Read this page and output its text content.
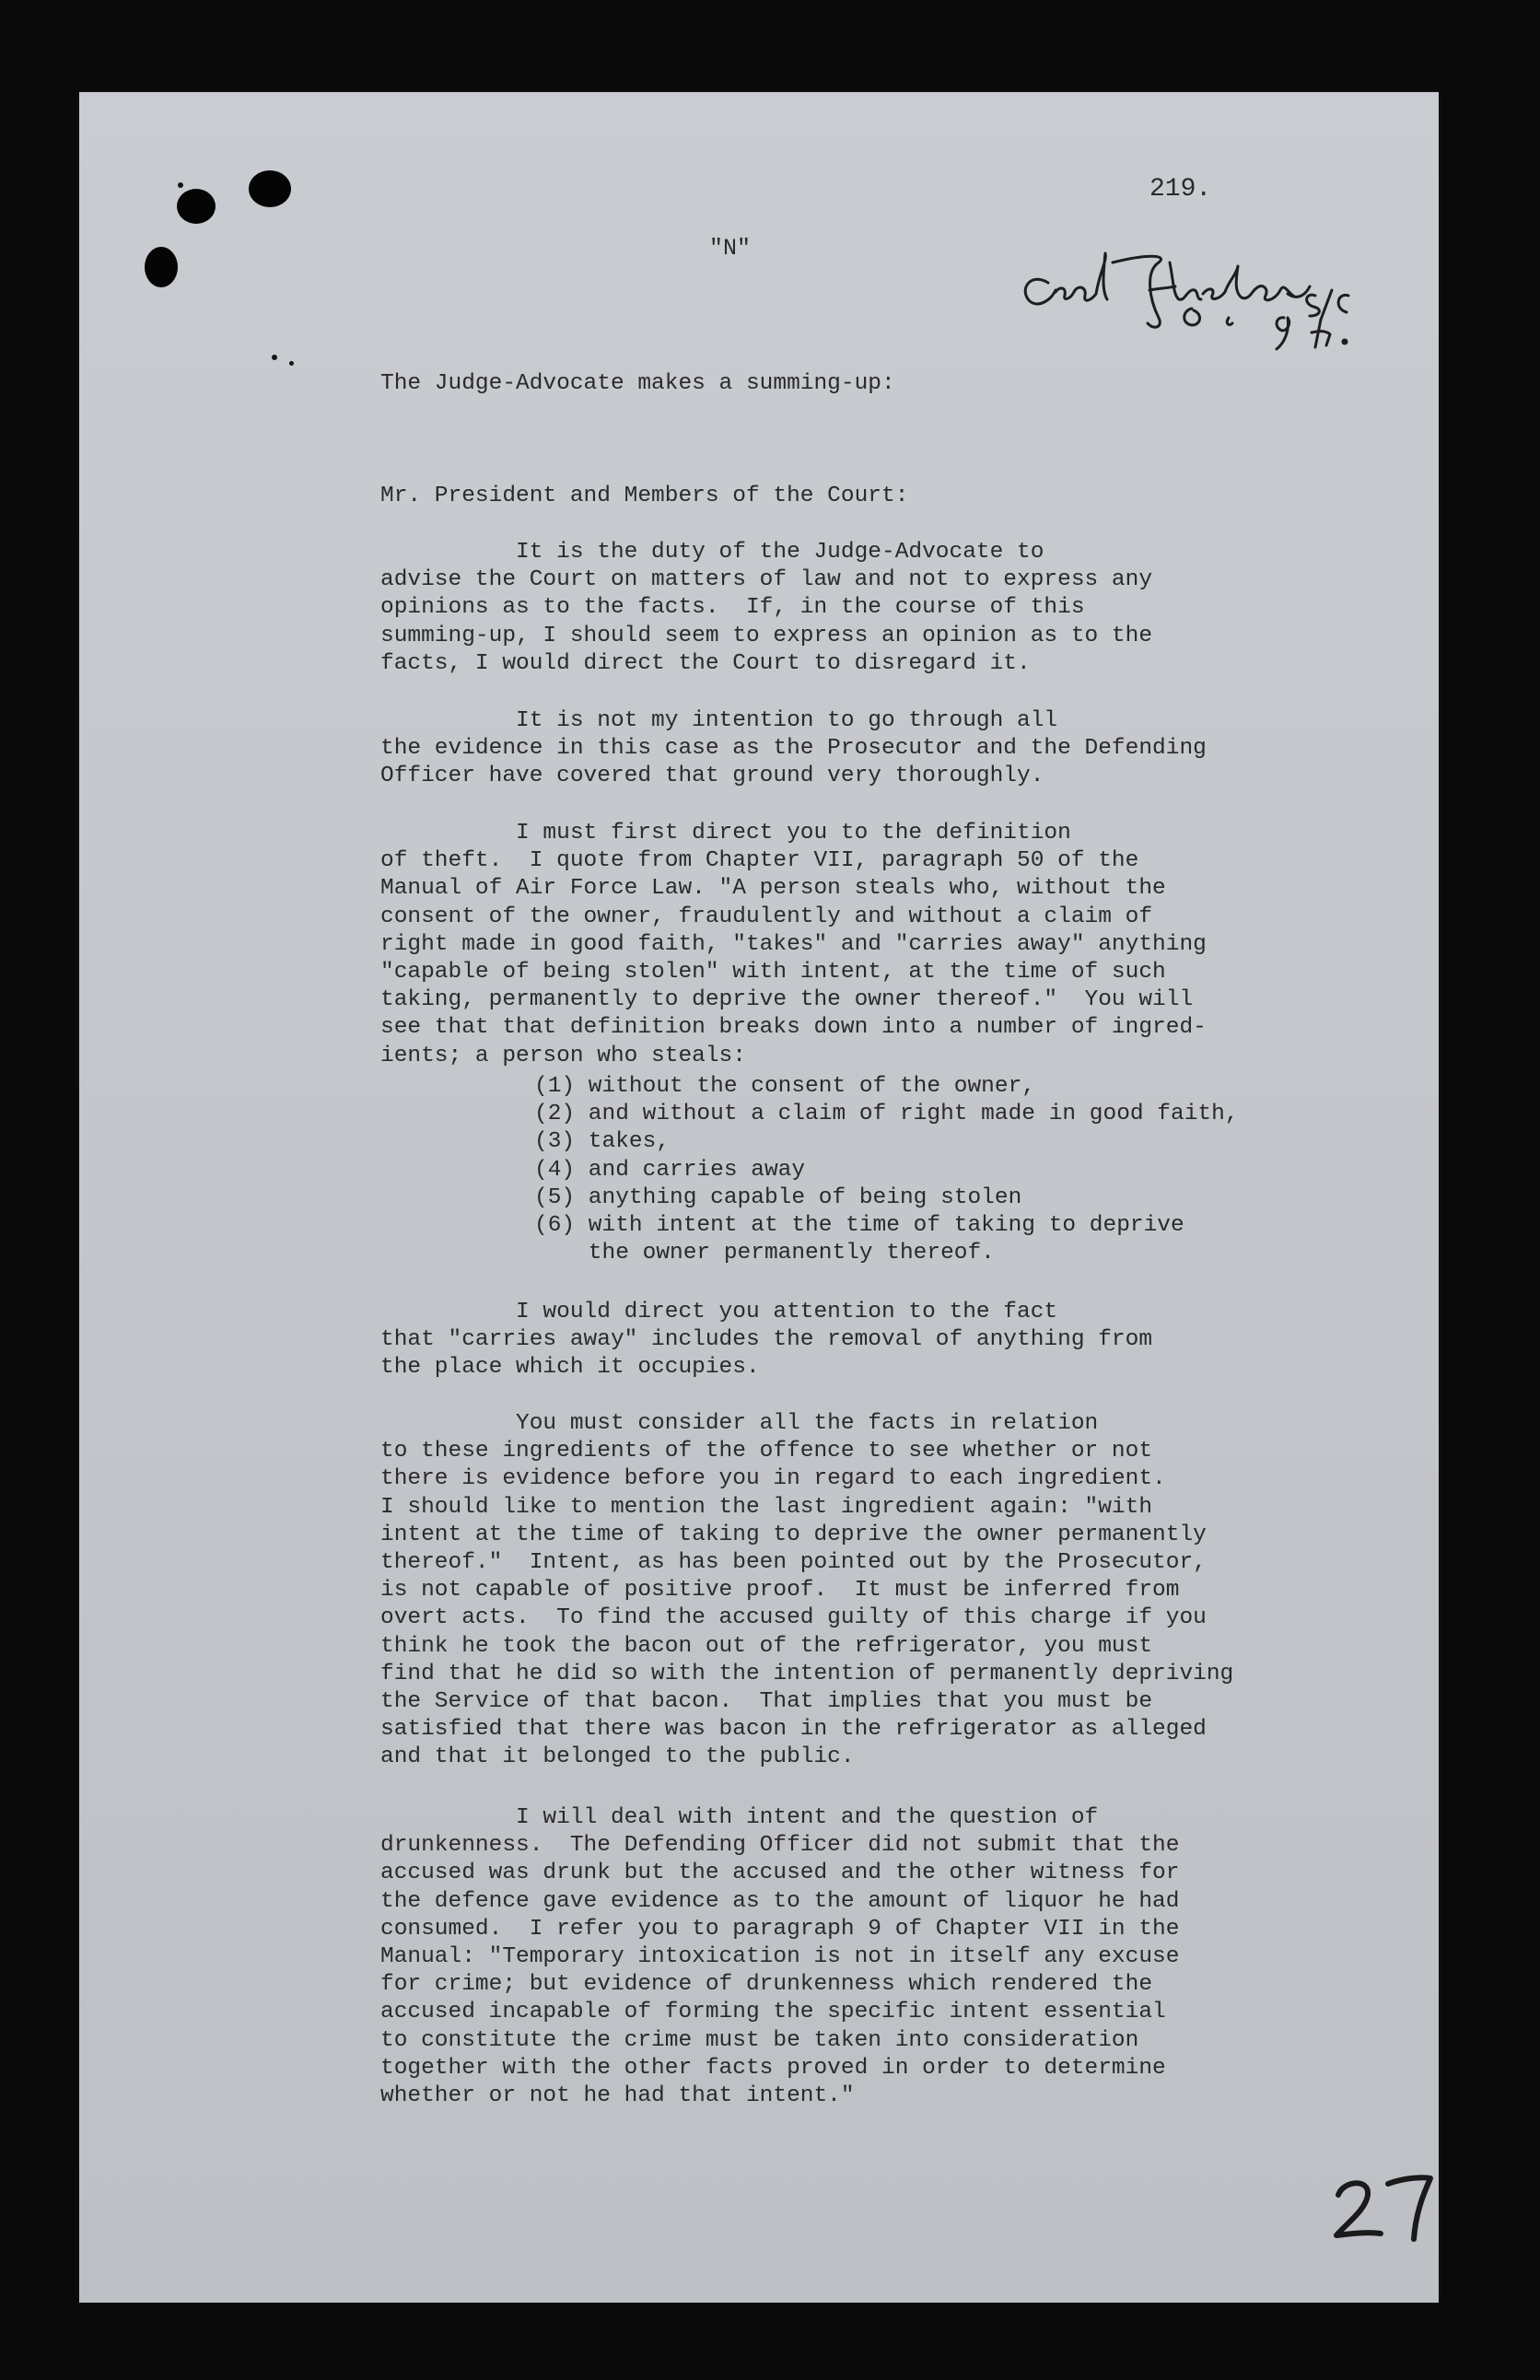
219.
"N"
The Judge-Advocate makes a summing-up:
Mr. President and Members of the Court:
It is the duty of the Judge-Advocate to
advise the Court on matters of law and not to express any
opinions as to the facts.  If, in the course of this
summing-up, I should seem to express an opinion as to the
facts, I would direct the Court to disregard it.
It is not my intention to go through all
the evidence in this case as the Prosecutor and the Defending
Officer have covered that ground very thoroughly.
I must first direct you to the definition
of theft.  I quote from Chapter VII, paragraph 50 of the
Manual of Air Force Law. "A person steals who, without the
consent of the owner, fraudulently and without a claim of
right made in good faith, "takes" and "carries away" anything
"capable of being stolen" with intent, at the time of such
taking, permanently to deprive the owner thereof."  You will
see that that definition breaks down into a number of ingred-
ients; a person who steals:
(1) without the consent of the owner,
(2) and without a claim of right made in good faith,
(3) takes,
(4) and carries away
(5) anything capable of being stolen
(6) with intent at the time of taking to deprive
the owner permanently thereof.
I would direct you attention to the fact
that "carries away" includes the removal of anything from
the place which it occupies.
You must consider all the facts in relation
to these ingredients of the offence to see whether or not
there is evidence before you in regard to each ingredient.
I should like to mention the last ingredient again: "with
intent at the time of taking to deprive the owner permanently
thereof."  Intent, as has been pointed out by the Prosecutor,
is not capable of positive proof.  It must be inferred from
overt acts.  To find the accused guilty of this charge if you
think he took the bacon out of the refrigerator, you must
find that he did so with the intention of permanently depriving
the Service of that bacon.  That implies that you must be
satisfied that there was bacon in the refrigerator as alleged
and that it belonged to the public.
I will deal with intent and the question of
drunkenness.  The Defending Officer did not submit that the
accused was drunk but the accused and the other witness for
the defence gave evidence as to the amount of liquor he had
consumed.  I refer you to paragraph 9 of Chapter VII in the
Manual: "Temporary intoxication is not in itself any excuse
for crime; but evidence of drunkenness which rendered the
accused incapable of forming the specific intent essential
to constitute the crime must be taken into consideration
together with the other facts proved in order to determine
whether or not he had that intent."
